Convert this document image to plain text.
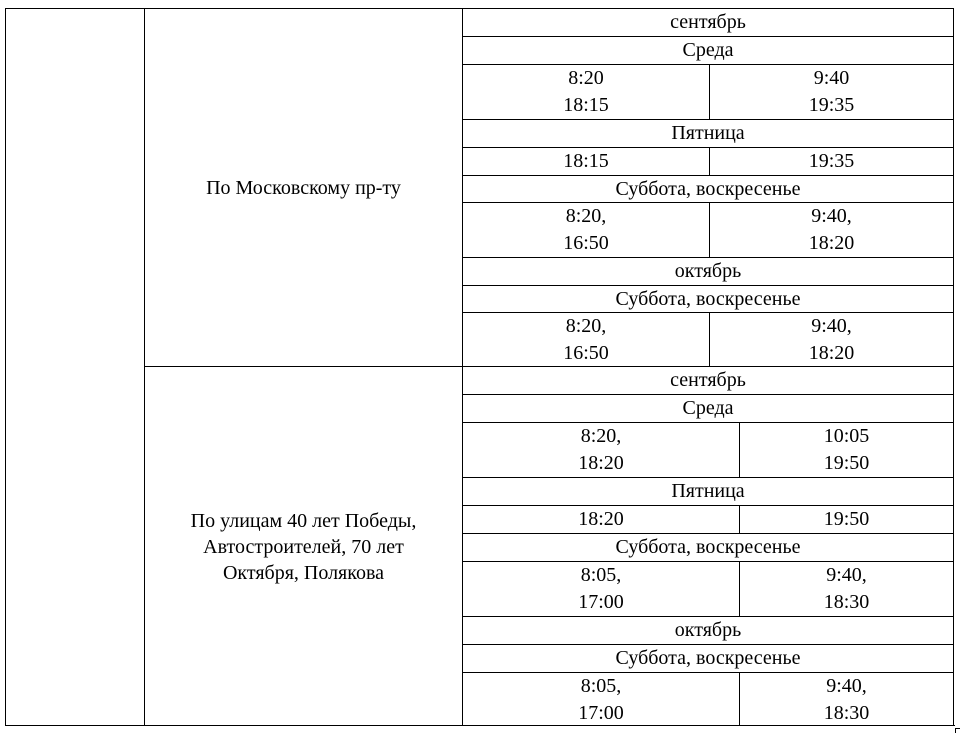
По Московскому пр-ту
сентябрь
Среда
8:20
18:15
9:40
19:35
Пятница
18:15	19:35
Суббота, воскресенье
8:20,
16:50
9:40,
18:20
октябрь
Суббота, воскресенье
8:20,
16:50
9:40,
18:20
По улицам 40 лет Победы,
Автостроителей, 70 лет
Октября, Полякова
сентябрь
Среда
8:20,
18:20
10:05
19:50
Пятница
18:20	19:50
Суббота, воскресенье
8:05,
17:00
9:40,
18:30
октябрь
Суббота, воскресенье
8:05,
17:00
9:40,
18:30
